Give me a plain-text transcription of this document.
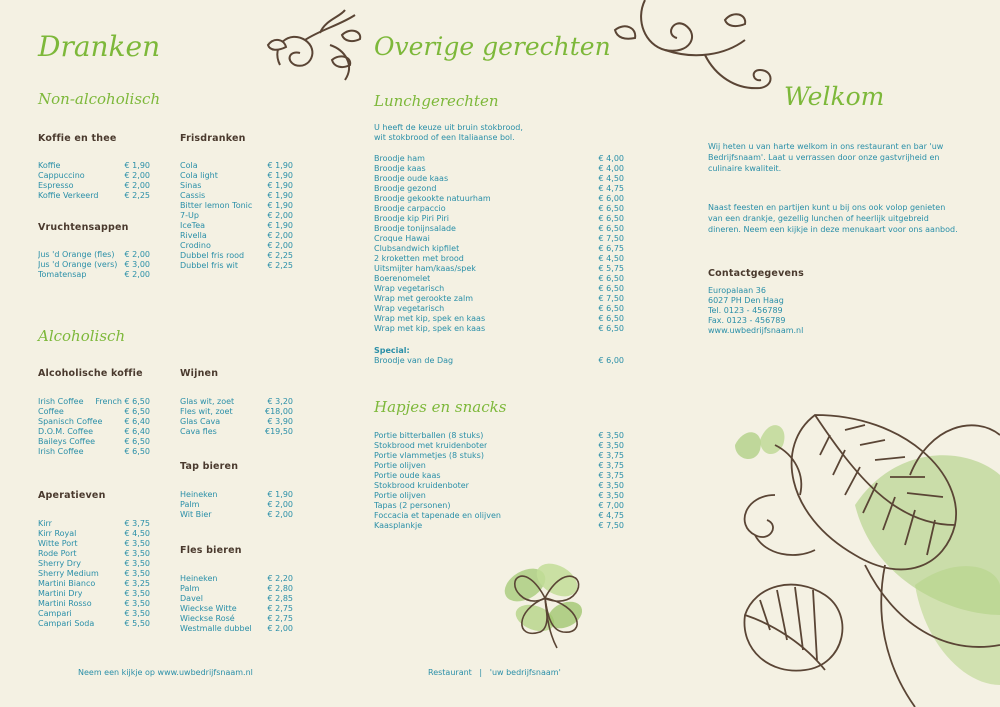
Dranken
Non-alcoholisch
Koffie en thee
Koffie	€ 1,90
Cappuccino	€ 2,00
Espresso	€ 2,00
Koffie Verkeerd	€ 2,25
Vruchtensappen
Jus 'd Orange (fles) € 2,00
Jus 'd Orange (vers) € 3,00
Tomatensap	€ 2,00
Frisdranken
Cola	€ 1,90
Cola light	€ 1,90
Sinas	€ 1,90
Cassis	€ 1,90
Bitter lemon Tonic € 1,90
7-Up	€ 2,00
IceTea	€ 1,90
Rivella	€ 2,00
Crodino	€ 2,00
Dubbel fris rood	€ 2,25
Dubbel fris wit	€ 2,25
Alcoholisch
Alcoholische koffie
Irish Coffee French € 6,50
Coffee	€ 6,50
Spanisch Coffee	€ 6,40
D.O.M. Coffee	€ 6,40
Baileys Coffee	€ 6,50
Irish Coffee	€ 6,50
Aperatieven
Kirr	€ 3,75
Kirr Royal	€ 4,50
Witte Port	€ 3,50
Rode Port	€ 3,50
Sherry Dry	€ 3,50
Sherry Medium	€ 3,50
Martini Bianco	€ 3,25
Martini Dry	€ 3,50
Martini Rosso	€ 3,50
Campari	€ 3,50
Campari Soda	€ 5,50
Wijnen
Glas wit, zoet	€ 3,20
Fles wit, zoet	€18,00
Glas Cava	€ 3,90
Cava fles	€19,50
Tap bieren
Heineken	€ 1,90
Palm	€ 2,00
Wit Bier	€ 2,00
Fles bieren
Heineken	€ 2,20
Palm	€ 2,80
Davel	€ 2,85
Wieckse Witte	€ 2,75
Wieckse Rosé	€ 2,75
Westmalle dubbel € 2,00
Neem een kijkje op www.uwbedrijfsnaam.nl
Overige gerechten
Lunchgerechten
U heeft de keuze uit bruin stokbrood,
wit stokbrood of een Italiaanse bol.
Broodje ham	€ 4,00
Broodje kaas	€ 4,00
Broodje oude kaas	€ 4,50
Broodje gezond	€ 4,75
Broodje gekookte natuurham	€ 6,00
Broodje carpaccio	€ 6,50
Broodje kip Piri Piri	€ 6,50
Broodje tonijnsalade	€ 6,50
Croque Hawai	€ 7,50
Clubsandwich kipfilet	€ 6,75
2 kroketten met brood	€ 4,50
Uitsmijter ham/kaas/spek	€ 5,75
Boerenomelet	€ 6,50
Wrap vegetarisch	€ 6,50
Wrap met gerookte zalm	€ 7,50
Wrap vegetarisch	€ 6,50
Wrap met kip, spek en kaas	€ 6,50
Wrap met kip, spek en kaas	€ 6,50
Special:
Broodje van de Dag	€ 6,00
Hapjes en snacks
Portie bitterballen (8 stuks)	€ 3,50
Stokbrood met kruidenboter	€ 3,50
Portie vlammetjes (8 stuks)	€ 3,75
Portie olijven	€ 3,75
Portie oude kaas	€ 3,75
Stokbrood kruidenboter	€ 3,50
Portie olijven	€ 3,50
Tapas (2 personen)	€ 7,00
Foccacia et tapenade en olijven	€ 4,75
Kaasplankje	€ 7,50
Restaurant   |   'uw bedrijfsnaam'
Welkom
Wij heten u van harte welkom in ons restaurant en bar 'uw
Bedrijfsnaam'. Laat u verrassen door onze gastvrijheid en
culinaire kwaliteit.
Naast feesten en partijen kunt u bij ons ook volop genieten
van een drankje, gezellig lunchen of heerlijk uitgebreid
dineren. Neem een kijkje in deze menukaart voor ons aanbod.
Contactgegevens
Europalaan 36
6027 PH Den Haag
Tel. 0123 - 456789
Fax. 0123 - 456789
www.uwbedrijfsnaam.nl
